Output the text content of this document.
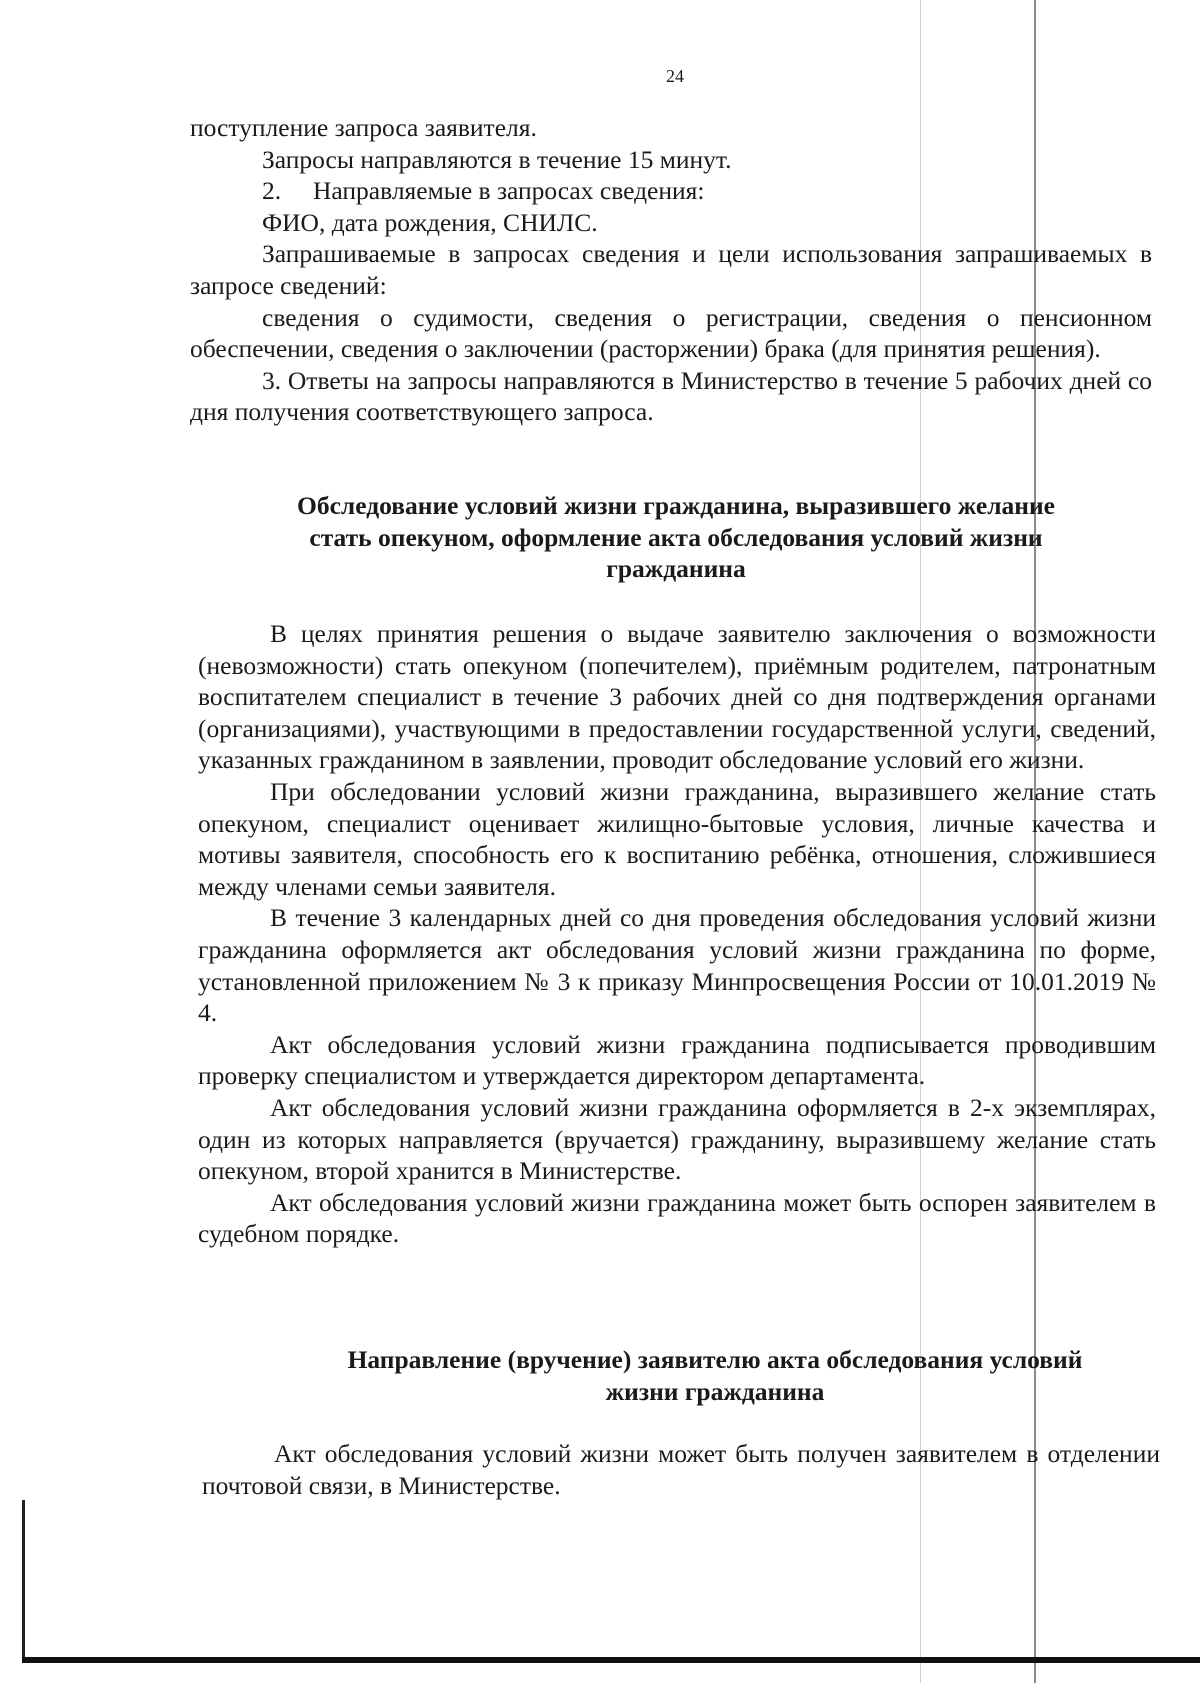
24

поступление запроса заявителя.

Запросы направляются в течение 15 минут.

2.     Направляемые в запросах сведения:

ФИО, дата рождения, СНИЛС.

Запрашиваемые в запросах сведения и цели использования запрашиваемых в запросе сведений:

сведения о судимости, сведения о регистрации, сведения о пенсионном обеспечении, сведения о заключении (расторжении) брака (для принятия решения).

3. Ответы на запросы направляются в Министерство в течение 5 рабочих дней со дня получения соответствующего запроса.

Обследование условий жизни гражданина, выразившего желание
стать опекуном, оформление акта обследования условий жизни
гражданина

В целях принятия решения о выдаче заявителю заключения о возможности (невозможности) стать опекуном (попечителем), приёмным родителем, патронатным воспитателем специалист в течение 3 рабочих дней со дня подтверждения органами (организациями), участвующими в предоставлении государственной услуги, сведений, указанных гражданином в заявлении, проводит обследование условий его жизни.

При обследовании условий жизни гражданина, выразившего желание стать опекуном, специалист оценивает жилищно-бытовые условия, личные качества и мотивы заявителя, способность его к воспитанию ребёнка, отношения, сложившиеся между членами семьи заявителя.

В течение 3 календарных дней со дня проведения обследования условий жизни гражданина оформляется акт обследования условий жизни гражданина по форме, установленной приложением № 3 к приказу Минпросвещения России от 10.01.2019 № 4.

Акт обследования условий жизни гражданина подписывается проводившим проверку специалистом и утверждается директором департамента.

Акт обследования условий жизни гражданина оформляется в 2-х экземплярах, один из которых направляется (вручается) гражданину, выразившему желание стать опекуном, второй хранится в Министерстве.

Акт обследования условий жизни гражданина может быть оспорен заявителем в судебном порядке.

Направление (вручение) заявителю акта обследования условий
жизни гражданина

Акт обследования условий жизни может быть получен заявителем в отделении почтовой связи, в Министерстве.
